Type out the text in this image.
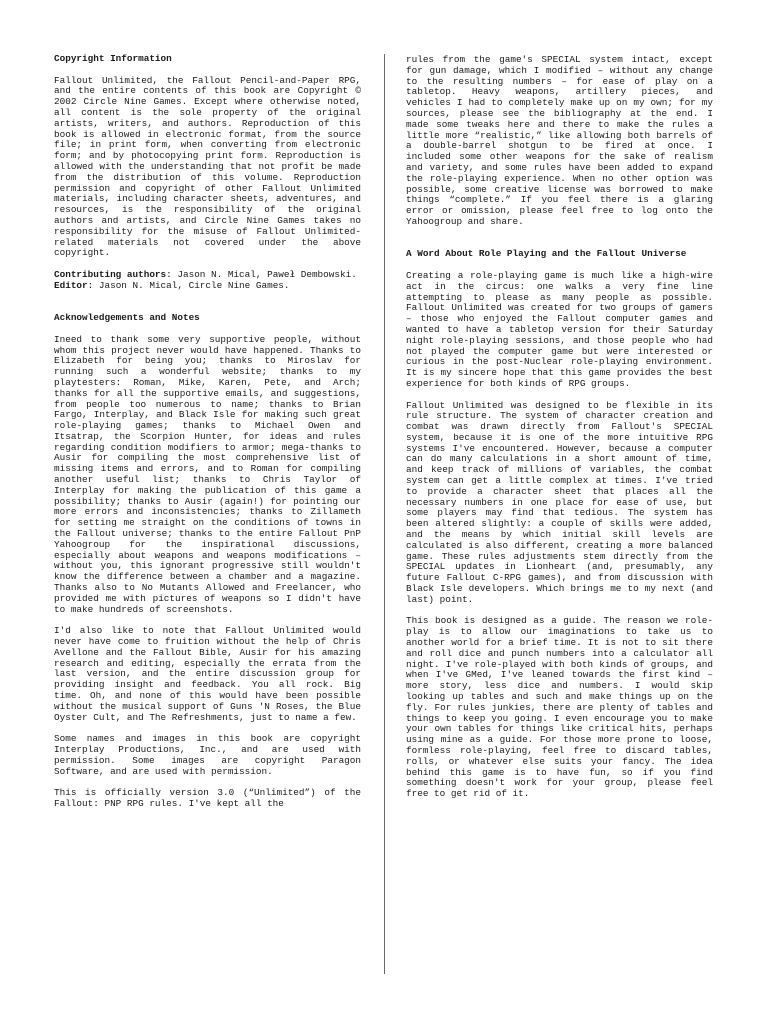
Copyright Information

Fallout Unlimited, the Fallout Pencil-and-Paper RPG, and the entire contents of this book are Copyright © 2002 Circle Nine Games. Except where otherwise noted, all content is the sole property of the original artists, writers, and authors. Reproduction of this book is allowed in electronic format, from the source file; in print form, when converting from electronic form; and by photocopying print form. Reproduction is allowed with the understanding that not profit be made from the distribution of this volume. Reproduction permission and copyright of other Fallout Unlimited materials, including character sheets, adventures, and resources, is the responsibility of the original authors and artists, and Circle Nine Games takes no responsibility for the misuse of Fallout Unlimited-related materials not covered under the above copyright.

Contributing authors: Jason N. Mical, Paweł Dembowski.

Editor: Jason N. Mical, Circle Nine Games.

Acknowledgements and Notes

Ineed to thank some very supportive people, without whom this project never would have happened. Thanks to Elizabeth for being you; thanks to Miroslav for running such a wonderful website; thanks to my playtesters: Roman, Mike, Karen, Pete, and Arch; thanks for all the supportive emails, and suggestions, from people too numerous to name; thanks to Brian Fargo, Interplay, and Black Isle for making such great role-playing games; thanks to Michael Owen and Itsatrap, the Scorpion Hunter, for ideas and rules regarding condition modifiers to armor; mega-thanks to Ausir for compiling the most comprehensive list of missing items and errors, and to Roman for compiling another useful list; thanks to Chris Taylor of Interplay for making the publication of this game a possibility; thanks to Ausir (again!) for pointing our more errors and inconsistencies; thanks to Zillameth for setting me straight on the conditions of towns in the Fallout universe; thanks to the entire Fallout PnP Yahoogroup for the inspirational discussions, especially about weapons and weapons modifications – without you, this ignorant progressive still wouldn't know the difference between a chamber and a magazine. Thanks also to No Mutants Allowed and Freelancer, who provided me with pictures of weapons so I didn't have to make hundreds of screenshots.

I'd also like to note that Fallout Unlimited would never have come to fruition without the help of Chris Avellone and the Fallout Bible, Ausir for his amazing research and editing, especially the errata from the last version, and the entire discussion group for providing insight and feedback. You all rock. Big time. Oh, and none of this would have been possible without the musical support of Guns 'N Roses, the Blue Oyster Cult, and The Refreshments, just to name a few.

Some names and images in this book are copyright Interplay Productions, Inc., and are used with permission. Some images are copyright Paragon Software, and are used with permission.

This is officially version 3.0 (“Unlimited”) of the Fallout: PNP RPG rules. I've kept all the

rules from the game's SPECIAL system intact, except for gun damage, which I modified – without any change to the resulting numbers – for ease of play on a tabletop. Heavy weapons, artillery pieces, and vehicles I had to completely make up on my own; for my sources, please see the bibliography at the end. I made some tweaks here and there to make the rules a little more “realistic,” like allowing both barrels of a double-barrel shotgun to be fired at once. I included some other weapons for the sake of realism and variety, and some rules have been added to expand the role-playing experience. When no other option was possible, some creative license was borrowed to make things “complete.” If you feel there is a glaring error or omission, please feel free to log onto the Yahoogroup and share.

A Word About Role Playing and the Fallout Universe

Creating a role-playing game is much like a high-wire act in the circus: one walks a very fine line attempting to please as many people as possible. Fallout Unlimited was created for two groups of gamers – those who enjoyed the Fallout computer games and wanted to have a tabletop version for their Saturday night role-playing sessions, and those people who had not played the computer game but were interested or curious in the post-Nuclear role-playing environment. It is my sincere hope that this game provides the best experience for both kinds of RPG groups.

Fallout Unlimited was designed to be flexible in its rule structure. The system of character creation and combat was drawn directly from Fallout's SPECIAL system, because it is one of the more intuitive RPG systems I've encountered. However, because a computer can do many calculations in a short amount of time, and keep track of millions of variables, the combat system can get a little complex at times. I've tried to provide a character sheet that places all the necessary numbers in one place for ease of use, but some players may find that tedious. The system has been altered slightly: a couple of skills were added, and the means by which initial skill levels are calculated is also different, creating a more balanced game. These rules adjustments stem directly from the SPECIAL updates in Lionheart (and, presumably, any future Fallout C-RPG games), and from discussion with Black Isle developers. Which brings me to my next (and last) point.

This book is designed as a guide. The reason we role-play is to allow our imaginations to take us to another world for a brief time. It is not to sit there and roll dice and punch numbers into a calculator all night. I've role-played with both kinds of groups, and when I've GMed, I've leaned towards the first kind – more story, less dice and numbers. I would skip looking up tables and such and make things up on the fly. For rules junkies, there are plenty of tables and things to keep you going. I even encourage you to make your own tables for things like critical hits, perhaps using mine as a guide. For those more prone to loose, formless role-playing, feel free to discard tables, rolls, or whatever else suits your fancy. The idea behind this game is to have fun, so if you find something doesn't work for your group, please feel free to get rid of it.
